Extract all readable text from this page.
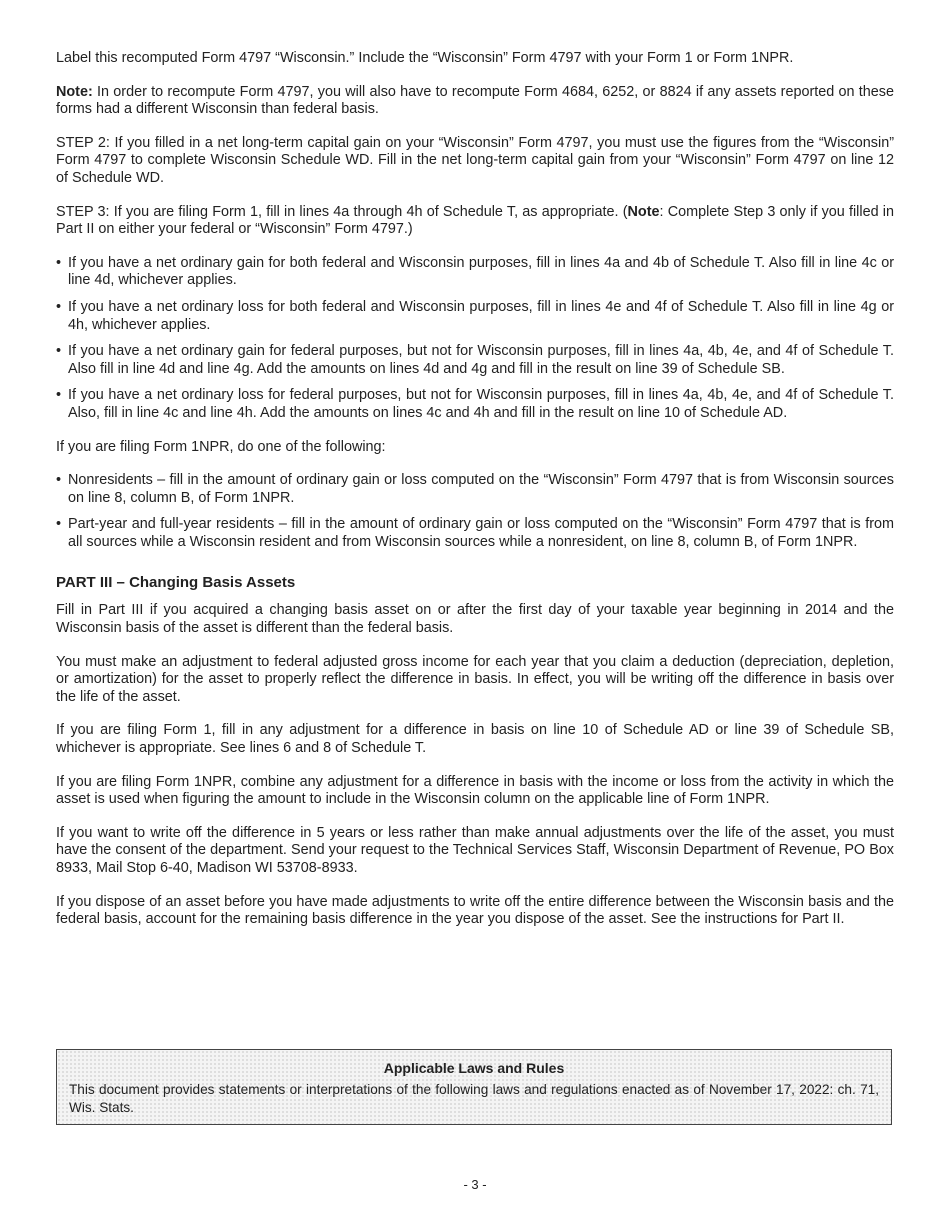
Label this recomputed Form 4797 “Wisconsin.” Include the “Wisconsin” Form 4797 with your Form 1 or Form 1NPR.

Note: In order to recompute Form 4797, you will also have to recompute Form 4684, 6252, or 8824 if any assets reported on these forms had a different Wisconsin than federal basis.

STEP 2: If you filled in a net long-term capital gain on your “Wisconsin” Form 4797, you must use the figures from the “Wisconsin” Form 4797 to complete Wisconsin Schedule WD. Fill in the net long-term capital gain from your “Wisconsin” Form 4797 on line 12 of Schedule WD.

STEP 3: If you are filing Form 1, fill in lines 4a through 4h of Schedule T, as appropriate. (Note: Complete Step 3 only if you filled in Part II on either your federal or “Wisconsin” Form 4797.)

• If you have a net ordinary gain for both federal and Wisconsin purposes, fill in lines 4a and 4b of Schedule T. Also fill in line 4c or line 4d, whichever applies.
• If you have a net ordinary loss for both federal and Wisconsin purposes, fill in lines 4e and 4f of Schedule T. Also fill in line 4g or 4h, whichever applies.
• If you have a net ordinary gain for federal purposes, but not for Wisconsin purposes, fill in lines 4a, 4b, 4e, and 4f of Schedule T. Also fill in line 4d and line 4g. Add the amounts on lines 4d and 4g and fill in the result on line 39 of Schedule SB.
• If you have a net ordinary loss for federal purposes, but not for Wisconsin purposes, fill in lines 4a, 4b, 4e, and 4f of Schedule T. Also, fill in line 4c and line 4h. Add the amounts on lines 4c and 4h and fill in the result on line 10 of Schedule AD.

If you are filing Form 1NPR, do one of the following:

• Nonresidents – fill in the amount of ordinary gain or loss computed on the “Wisconsin” Form 4797 that is from Wisconsin sources on line 8, column B, of Form 1NPR.
• Part-year and full-year residents – fill in the amount of ordinary gain or loss computed on the “Wisconsin” Form 4797 that is from all sources while a Wisconsin resident and from Wisconsin sources while a nonresident, on line 8, column B, of Form 1NPR.
PART III – Changing Basis Assets

Fill in Part III if you acquired a changing basis asset on or after the first day of your taxable year beginning in 2014 and the Wisconsin basis of the asset is different than the federal basis.

You must make an adjustment to federal adjusted gross income for each year that you claim a deduction (depreciation, depletion, or amortization) for the asset to properly reflect the difference in basis. In effect, you will be writing off the difference in basis over the life of the asset.

If you are filing Form 1, fill in any adjustment for a difference in basis on line 10 of Schedule AD or line 39 of Schedule SB, whichever is appropriate. See lines 6 and 8 of Schedule T.

If you are filing Form 1NPR, combine any adjustment for a difference in basis with the income or loss from the activity in which the asset is used when figuring the amount to include in the Wisconsin column on the applicable line of Form 1NPR.

If you want to write off the difference in 5 years or less rather than make annual adjustments over the life of the asset, you must have the consent of the department. Send your request to the Technical Services Staff, Wisconsin Department of Revenue, PO Box 8933, Mail Stop 6-40, Madison WI 53708-8933.

If you dispose of an asset before you have made adjustments to write off the entire difference between the Wisconsin basis and the federal basis, account for the remaining basis difference in the year you dispose of the asset. See the instructions for Part II.

Applicable Laws and Rules
This document provides statements or interpretations of the following laws and regulations enacted as of November 17, 2022: ch. 71, Wis. Stats.
- 3 -
